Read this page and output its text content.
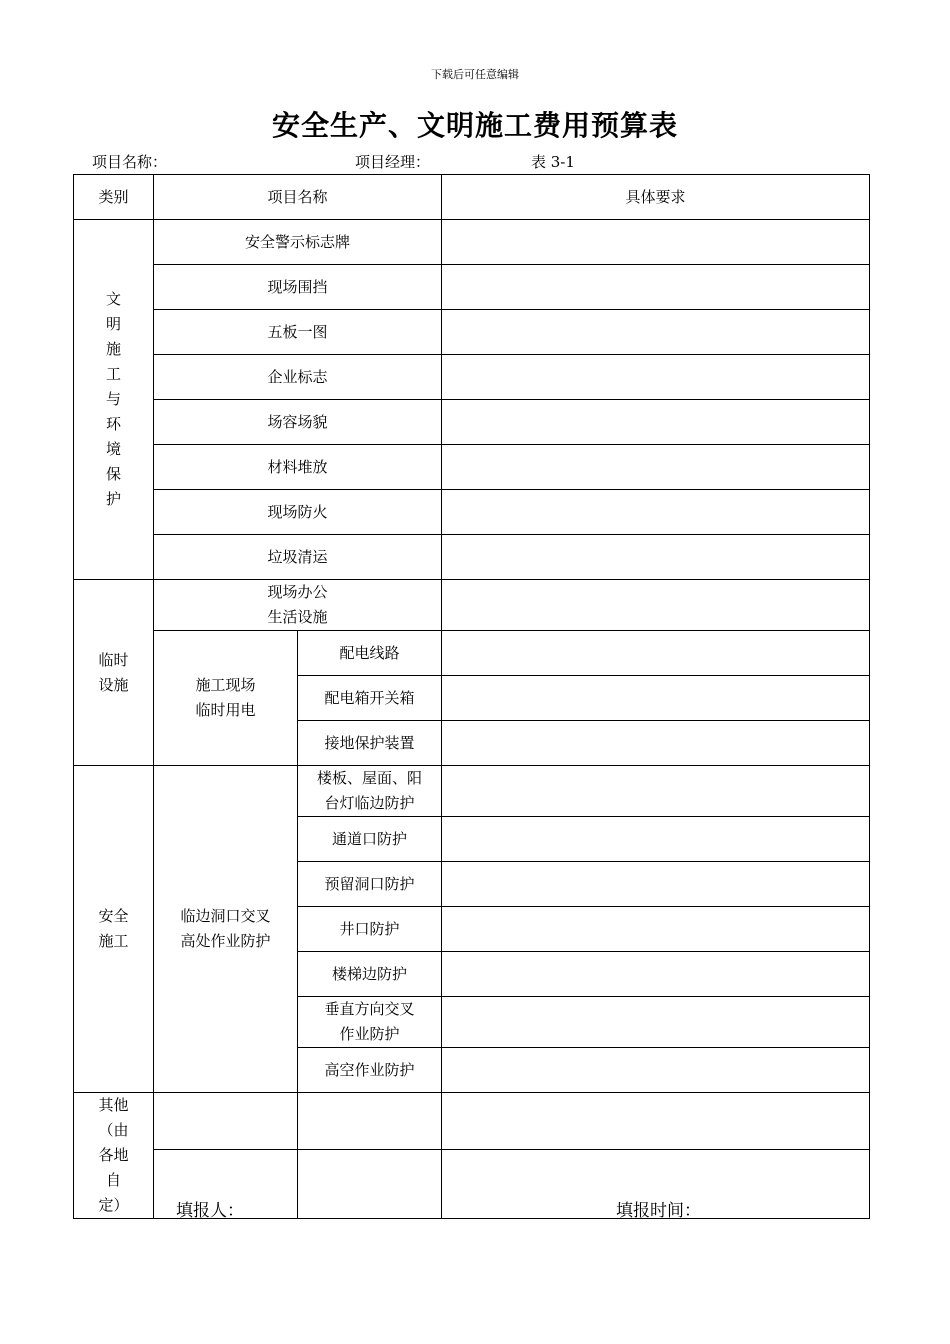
下载后可任意编辑
安全生产、文明施工费用预算表
项目名称：	项目经理：	表 3-1
类别	项目名称		具体要求

文明施工与环境保护	安全警示标志牌		
	现场围挡		
	五板一图		
	企业标志		
	场容场貌		
	材料堆放		
	现场防火		
	垃圾清运		

临时设施	现场办公生活设施		

	施工现场临时用电	配电线路	
		配电箱开关箱	
		接地保护装置	

安全施工	临边洞口交叉高处作业防护	楼板、屋面、阳台灯临边防护	

		通道口防护	
		预留洞口防护	
		井口防护	
		楼梯边防护	

		垂直方向交叉作业防护	

		高空作业防护	

其他（由各地自定）			

			填报人：	填报时间：
